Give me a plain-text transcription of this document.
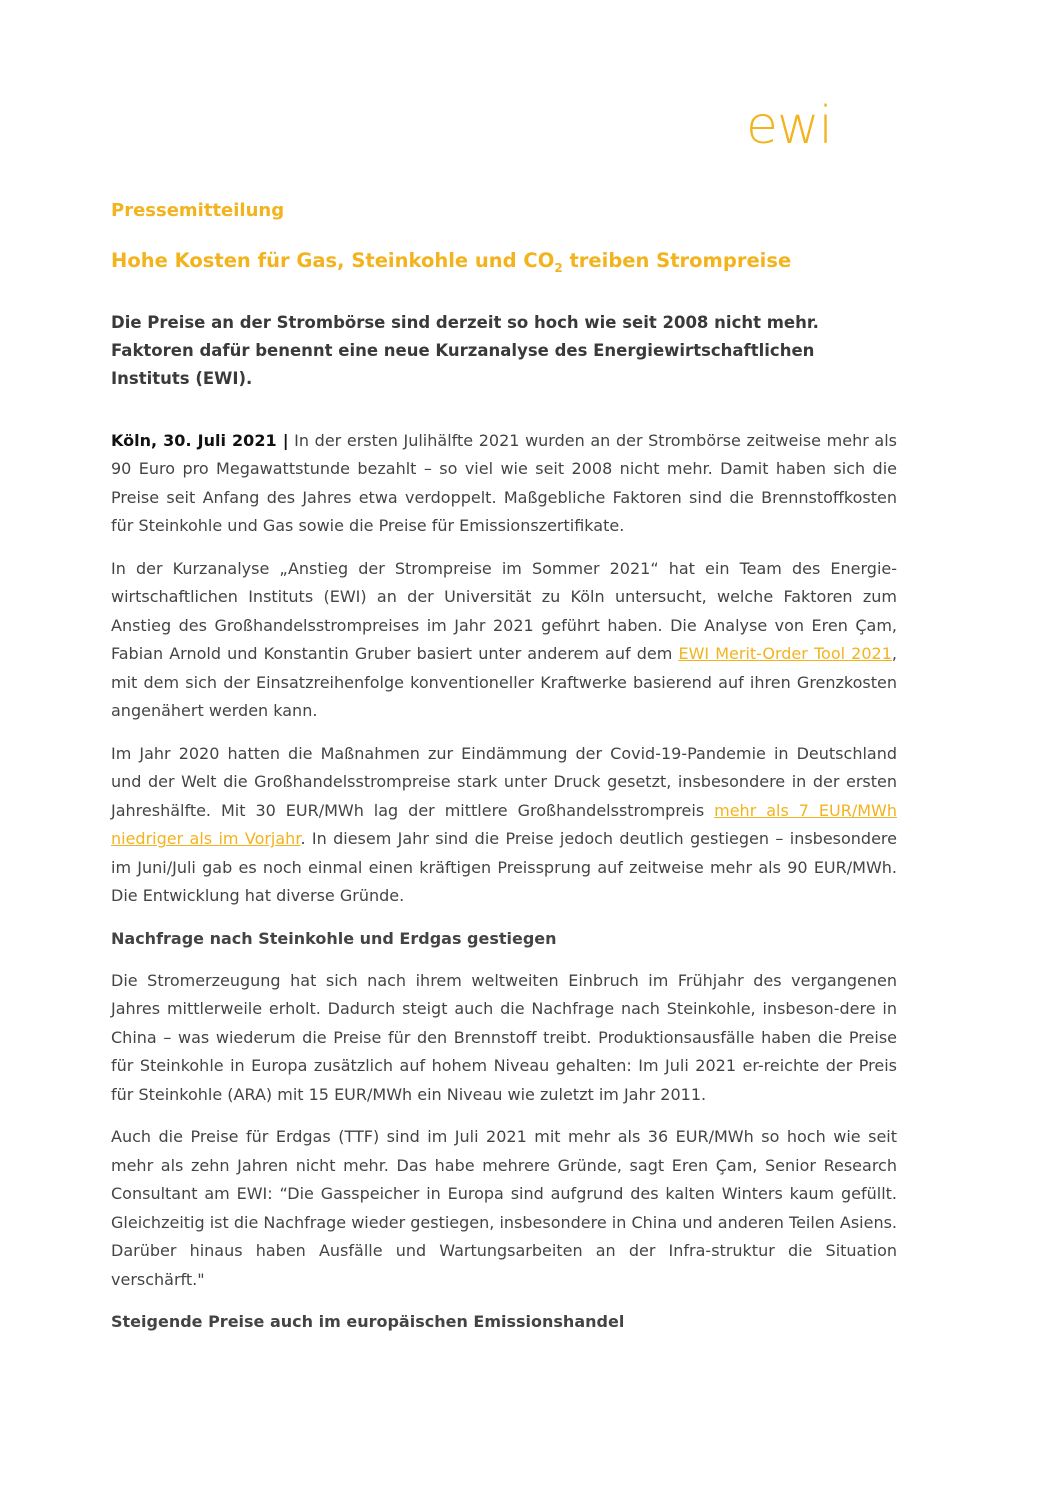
ewi
Pressemitteilung
Hohe Kosten für Gas, Steinkohle und $CO_2$ treiben Strompreise
Die Preise an der Strombörse sind derzeit so hoch wie seit 2008 nicht mehr. Faktoren dafür benennt eine neue Kurzanalyse des Energiewirtschaftlichen Instituts (EWI).

Köln, 30. Juli 2021 | In der ersten Julihälfte 2021 wurden an der Strombörse zeitweise mehr als 90 Euro pro Megawattstunde bezahlt – so viel wie seit 2008 nicht mehr. Damit haben sich die Preise seit Anfang des Jahres etwa verdoppelt. Maßgebliche Faktoren sind die Brennstoffkosten für Steinkohle und Gas sowie die Preise für Emissionszertifikate.

In der Kurzanalyse „Anstieg der Strompreise im Sommer 2021“ hat ein Team des Energie-wirtschaftlichen Instituts (EWI) an der Universität zu Köln untersucht, welche Faktoren zum Anstieg des Großhandelsstrompreises im Jahr 2021 geführt haben. Die Analyse von Eren Çam, Fabian Arnold und Konstantin Gruber basiert unter anderem auf dem EWI Merit-Order Tool 2021, mit dem sich der Einsatzreihenfolge konventioneller Kraftwerke basierend auf ihren Grenzkosten angenähert werden kann.

Im Jahr 2020 hatten die Maßnahmen zur Eindämmung der Covid-19-Pandemie in Deutschland und der Welt die Großhandelsstrompreise stark unter Druck gesetzt, insbesondere in der ersten Jahreshälfte. Mit 30 EUR/MWh lag der mittlere Großhandelsstrompreis mehr als 7 EUR/MWh niedriger als im Vorjahr. In diesem Jahr sind die Preise jedoch deutlich gestiegen – insbesondere im Juni/Juli gab es noch einmal einen kräftigen Preissprung auf zeitweise mehr als 90 EUR/MWh. Die Entwicklung hat diverse Gründe.

Nachfrage nach Steinkohle und Erdgas gestiegen

Die Stromerzeugung hat sich nach ihrem weltweiten Einbruch im Frühjahr des vergangenen Jahres mittlerweile erholt. Dadurch steigt auch die Nachfrage nach Steinkohle, insbeson-dere in China – was wiederum die Preise für den Brennstoff treibt. Produktionsausfälle haben die Preise für Steinkohle in Europa zusätzlich auf hohem Niveau gehalten: Im Juli 2021 er-reichte der Preis für Steinkohle (ARA) mit 15 EUR/MWh ein Niveau wie zuletzt im Jahr 2011.

Auch die Preise für Erdgas (TTF) sind im Juli 2021 mit mehr als 36 EUR/MWh so hoch wie seit mehr als zehn Jahren nicht mehr. Das habe mehrere Gründe, sagt Eren Çam, Senior Research Consultant am EWI: “Die Gasspeicher in Europa sind aufgrund des kalten Winters kaum gefüllt. Gleichzeitig ist die Nachfrage wieder gestiegen, insbesondere in China und anderen Teilen Asiens. Darüber hinaus haben Ausfälle und Wartungsarbeiten an der Infra-struktur die Situation verschärft."

Steigende Preise auch im europäischen Emissionshandel
